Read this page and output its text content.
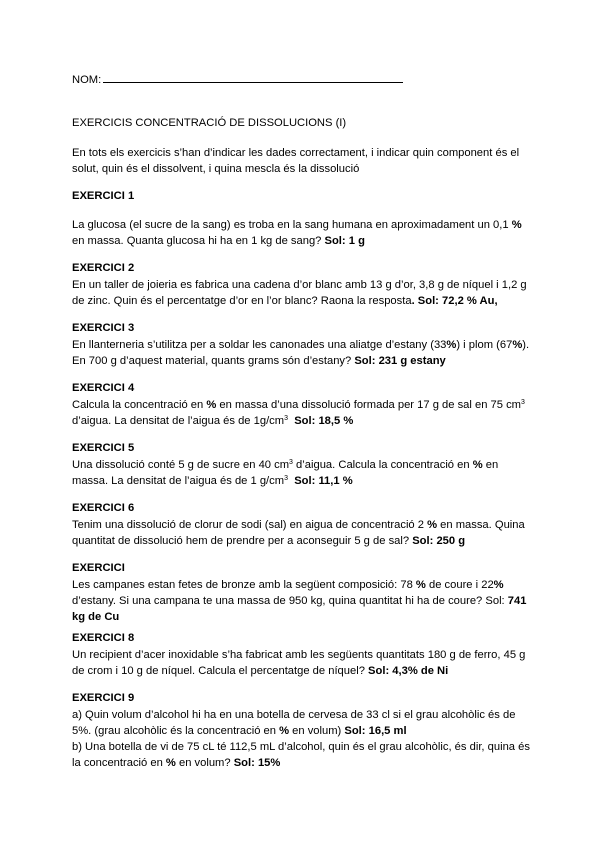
NOM:
EXERCICIS CONCENTRACIÓ DE DISSOLUCIONS (I)
En tots els exercicis s’han d’indicar les dades correctament, i indicar quin component és el
solut, quin és el dissolvent, i quina mescla és la dissolució
EXERCICI 1
La glucosa (el sucre de la sang) es troba en la sang humana en aproximadament un 0,1 %
en massa. Quanta glucosa hi ha en 1 kg de sang? Sol: 1 g
EXERCICI 2
En un taller de joieria es fabrica una cadena d’or blanc amb 13 g d’or, 3,8 g de níquel i 1,2 g
de zinc. Quin és el percentatge d’or en l’or blanc? Raona la resposta. Sol: 72,2 % Au,
EXERCICI 3
En llanterneria s’utilitza per a soldar les canonades una aliatge d’estany (33%) i plom (67%).
En 700 g d’aquest material, quants grams són d’estany? Sol: 231 g estany
EXERCICI 4
Calcula la concentració en % en massa d’una dissolució formada per 17 g de sal en 75 $cm^3$
d’aigua. La densitat de l’aigua és de $1g/cm^3$ Sol: 18,5 %
EXERCICI 5
Una dissolució conté 5 g de sucre en 40 $cm^3$ d’aigua. Calcula la concentració en % en
massa. La densitat de l’aigua és de 1 $g/cm^3$ Sol: 11,1 %
EXERCICI 6
Tenim una dissolució de clorur de sodi (sal) en aigua de concentració 2 % en massa. Quina
quantitat de dissolució hem de prendre per a aconseguir 5 g de sal? Sol: 250 g
EXERCICI
Les campanes estan fetes de bronze amb la següent composició: 78 % de coure i 22%
d’estany. Si una campana te una massa de 950 kg, quina quantitat hi ha de coure? Sol: 741
kg de Cu
EXERCICI 8
Un recipient d’acer inoxidable s’ha fabricat amb les següents quantitats 180 g de ferro, 45 g
de crom i 10 g de níquel. Calcula el percentatge de níquel? Sol: 4,3% de Ni
EXERCICI 9
a) Quin volum d’alcohol hi ha en una botella de cervesa de 33 cl si el grau alcohòlic és de
5%. (grau alcohòlic és la concentració en % en volum) Sol: 16,5 ml
b) Una botella de vi de 75 cL té 112,5 mL d’alcohol, quin és el grau alcohòlic, és dir, quina és
la concentració en % en volum? Sol: 15%
